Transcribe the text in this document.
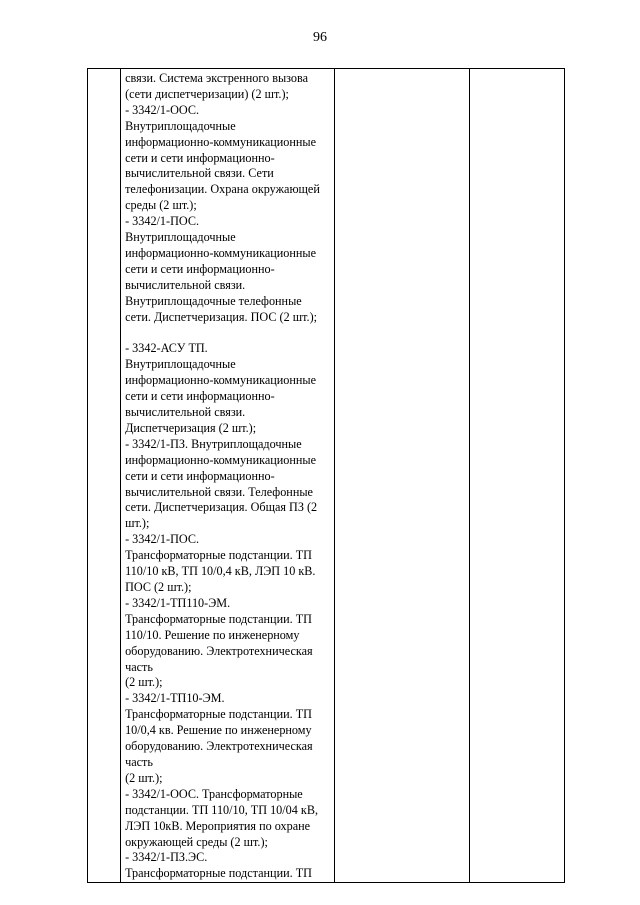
96

связи. Система экстренного вызова
(сети диспетчеризации) (2 шт.);
- 3342/1-ООС.
Внутриплощадочные
информационно-коммуникационные
сети и сети информационно-
вычислительной связи. Сети
телефонизации. Охрана окружающей
среды (2 шт.);
- 3342/1-ПОС.
Внутриплощадочные
информационно-коммуникационные
сети и сети информационно-
вычислительной связи.
Внутриплощадочные телефонные
сети. Диспетчеризация. ПОС (2 шт.);

- 3342-АСУ ТП.
Внутриплощадочные
информационно-коммуникационные
сети и сети информационно-
вычислительной связи.
Диспетчеризация (2 шт.);
- 3342/1-ПЗ. Внутриплощадочные
информационно-коммуникационные
сети и сети информационно-
вычислительной связи. Телефонные
сети. Диспетчеризация. Общая ПЗ (2
шт.);
- 3342/1-ПОС.
Трансформаторные подстанции. ТП
110/10 кВ, ТП 10/0,4 кВ, ЛЭП 10 кВ.
ПОС (2 шт.);
- 3342/1-ТП110-ЭМ.
Трансформаторные подстанции. ТП
110/10. Решение по инженерному
оборудованию. Электротехническая
часть
(2 шт.);
- 3342/1-ТП10-ЭМ.
Трансформаторные подстанции. ТП
10/0,4 кв. Решение по инженерному
оборудованию. Электротехническая
часть
(2 шт.);
- 3342/1-ООС. Трансформаторные
подстанции. ТП 110/10, ТП 10/04 кВ,
ЛЭП 10кВ. Мероприятия по охране
окружающей среды (2 шт.);
- 3342/1-ПЗ.ЭС.
Трансформаторные подстанции. ТП
